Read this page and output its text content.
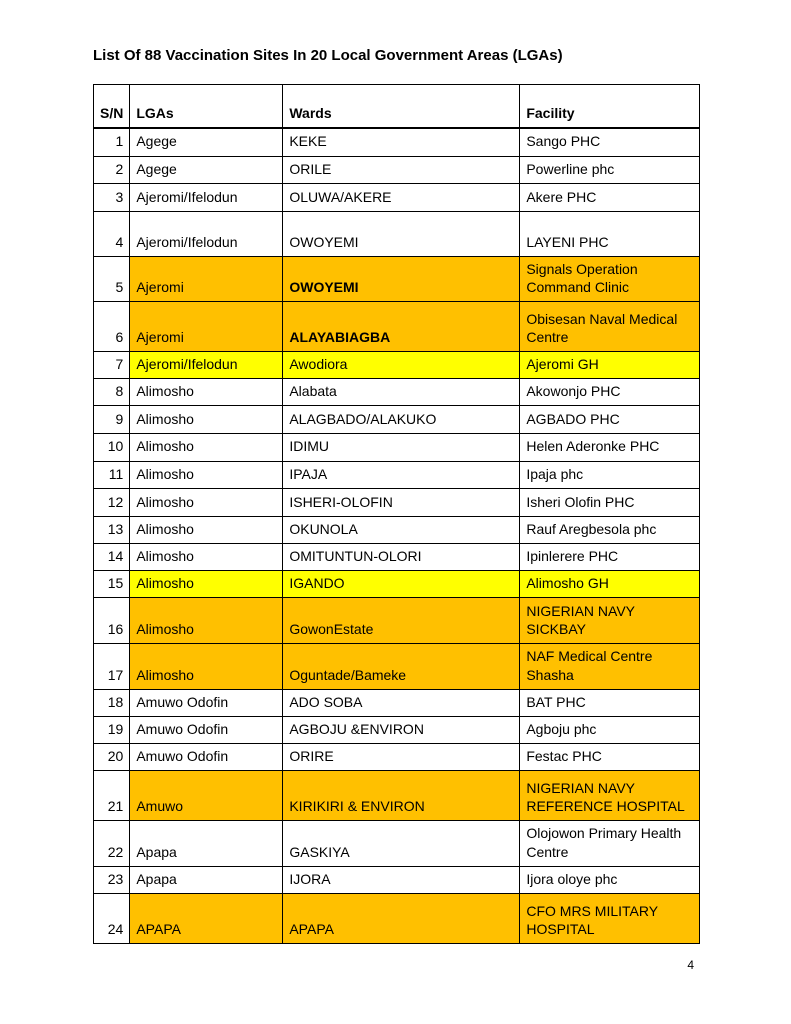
List Of 88 Vaccination Sites In 20 Local Government Areas (LGAs)
S/N	LGAs	Wards	Facility
1	Agege	KEKE	Sango PHC
2	Agege	ORILE	Powerline phc
3	Ajeromi/Ifelodun	OLUWA/AKERE	Akere PHC
4	Ajeromi/Ifelodun	OWOYEMI	LAYENI PHC
5	Ajeromi	OWOYEMI	Signals Operation Command Clinic
6	Ajeromi	ALAYABIAGBA	Obisesan Naval Medical Centre
7	Ajeromi/Ifelodun	Awodiora	Ajeromi GH
8	Alimosho	Alabata	Akowonjo PHC
9	Alimosho	ALAGBADO/ALAKUKO	AGBADO PHC
10	Alimosho	IDIMU	Helen Aderonke PHC
11	Alimosho	IPAJA	Ipaja phc
12	Alimosho	ISHERI-OLOFIN	Isheri Olofin PHC
13	Alimosho	OKUNOLA	Rauf Aregbesola phc
14	Alimosho	OMITUNTUN-OLORI	Ipinlerere PHC
15	Alimosho	IGANDO	Alimosho GH
16	Alimosho	GowonEstate	NIGERIAN NAVY SICKBAY
17	Alimosho	Oguntade/Bameke	NAF Medical Centre Shasha
18	Amuwo Odofin	ADO SOBA	BAT PHC
19	Amuwo Odofin	AGBOJU &ENVIRON	Agboju phc
20	Amuwo Odofin	ORIRE	Festac PHC
21	Amuwo	KIRIKIRI & ENVIRON	NIGERIAN NAVY REFERENCE HOSPITAL
22	Apapa	GASKIYA	Olojowon Primary Health Centre
23	Apapa	IJORA	Ijora oloye phc
24	APAPA	APAPA	CFO MRS MILITARY HOSPITAL
4
